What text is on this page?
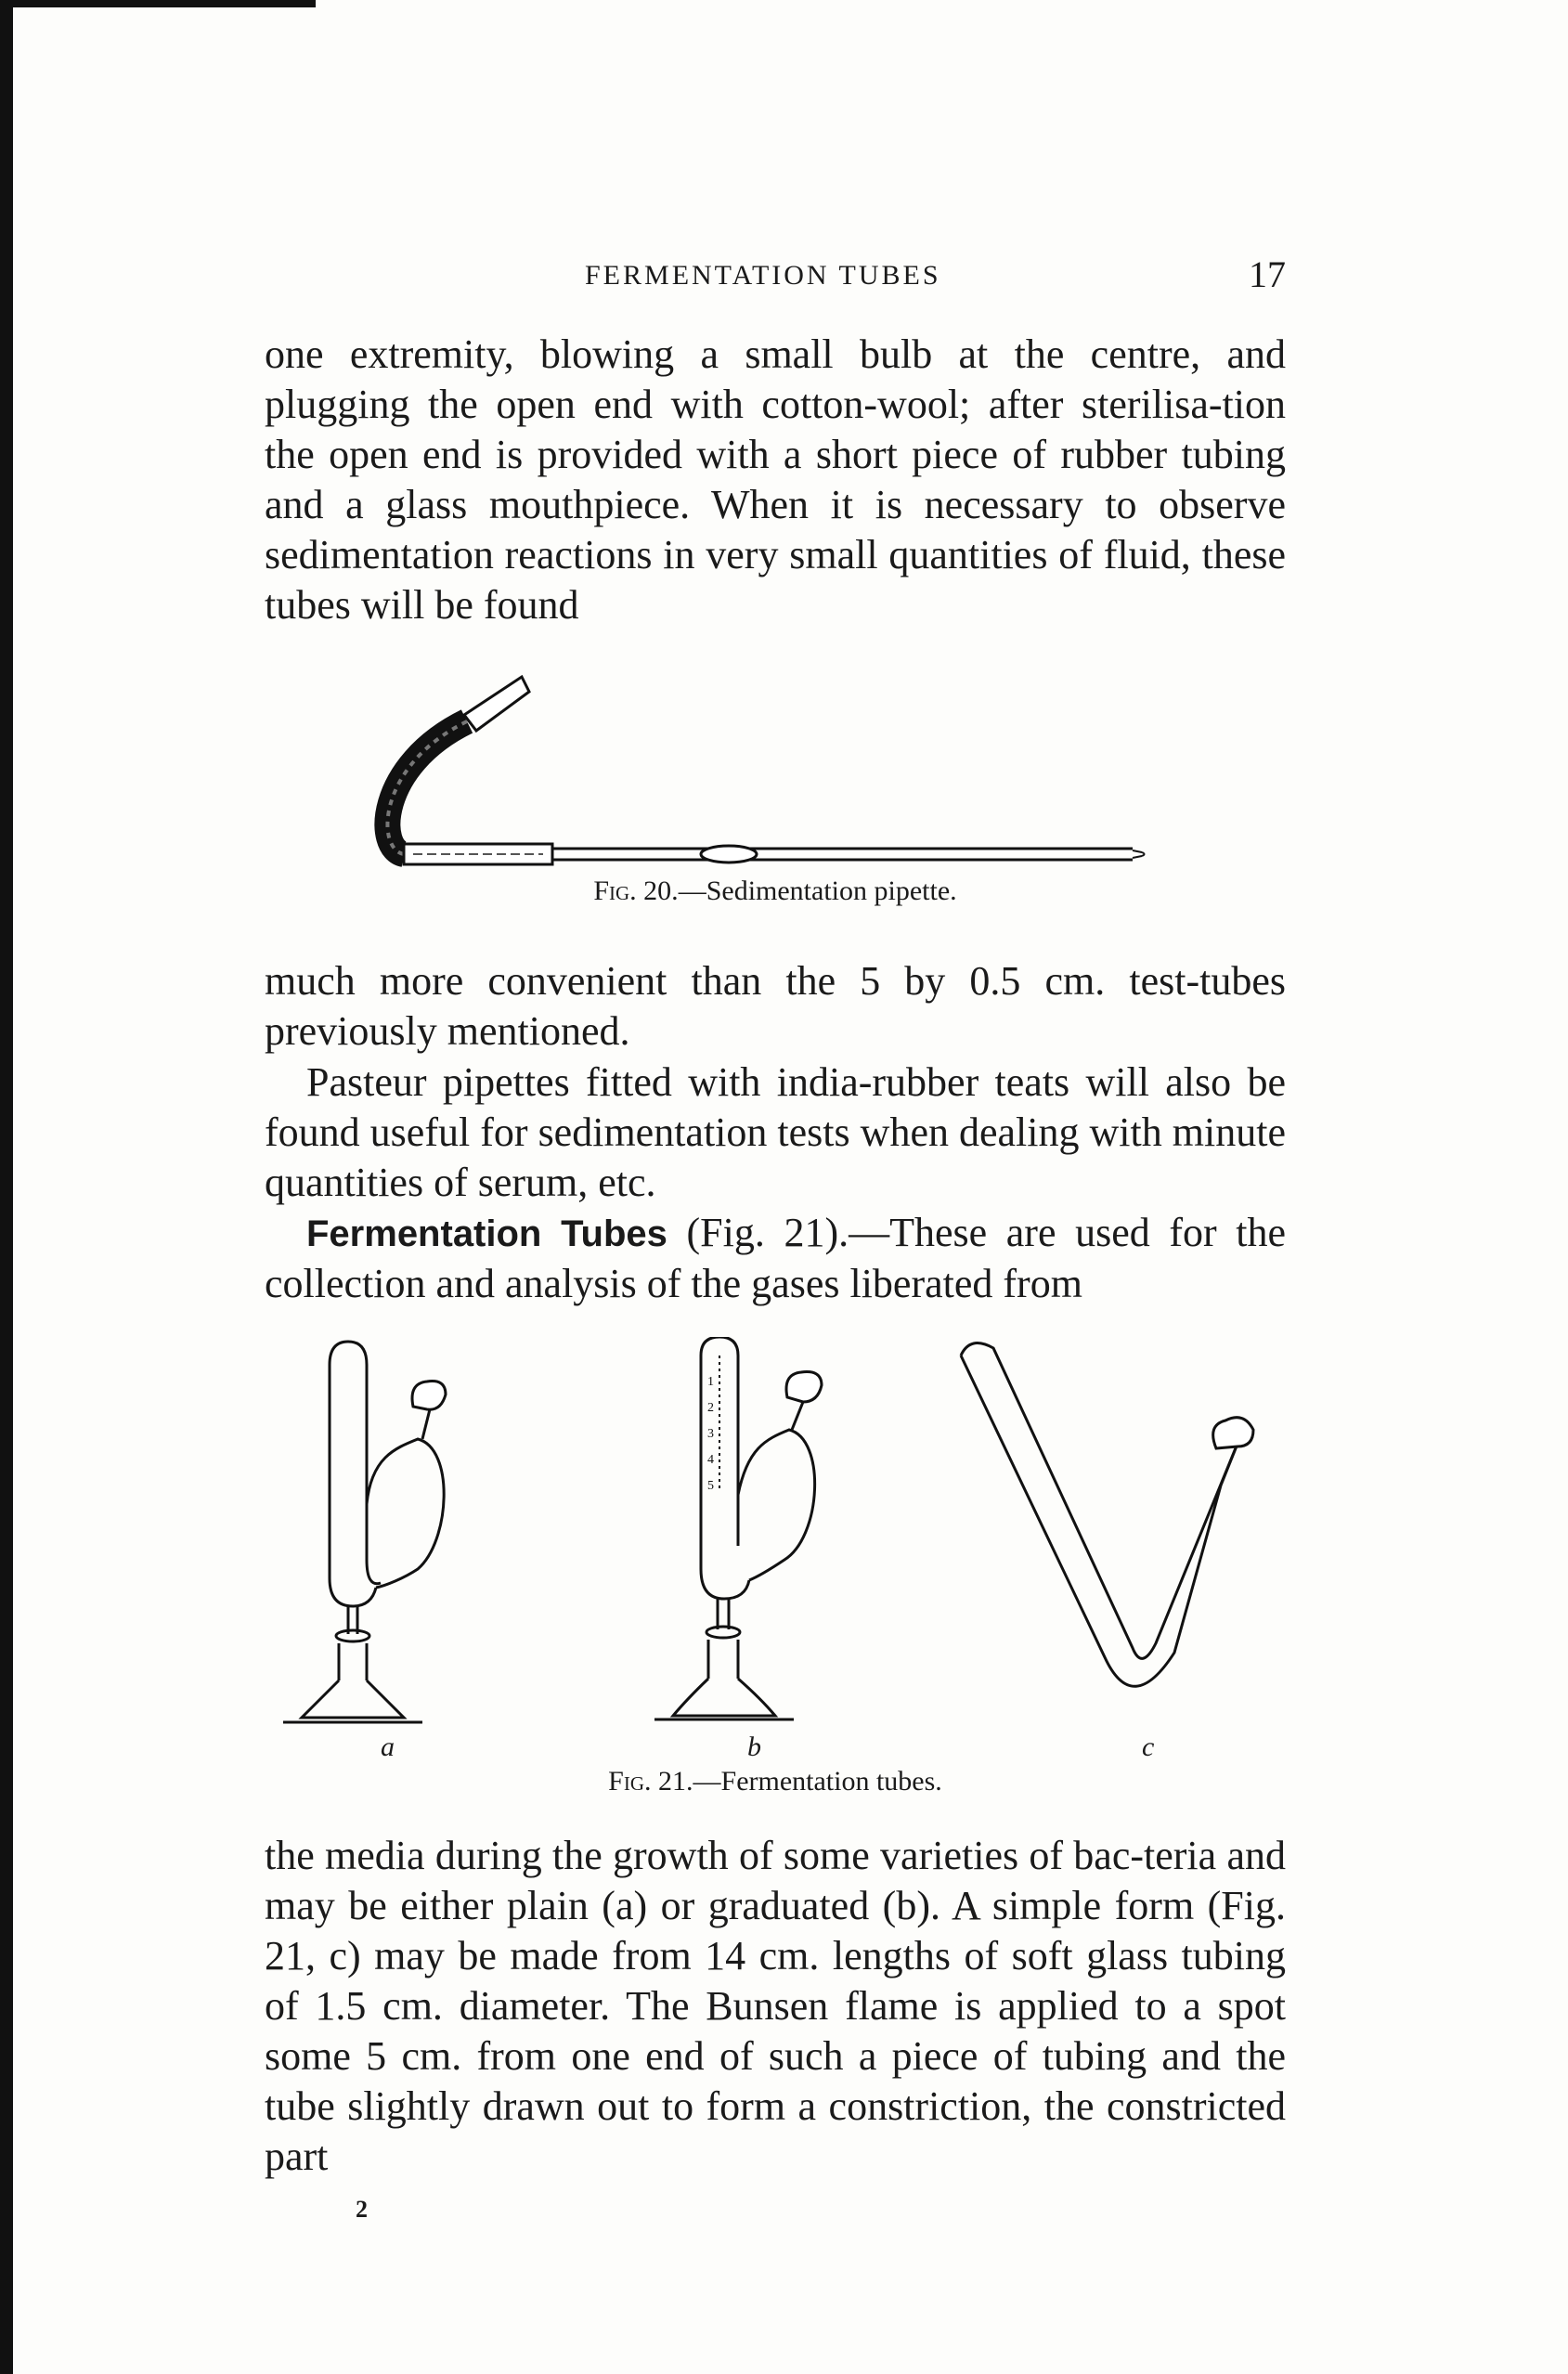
FERMENTATION TUBES	17

one extremity, blowing a small bulb at the centre, and plugging the open end with cotton-wool; after sterilisa-tion the open end is provided with a short piece of rubber tubing and a glass mouthpiece. When it is necessary to observe sedimentation reactions in very small quantities of fluid, these tubes will be found

Fig. 20.—Sedimentation pipette.

much more convenient than the 5 by 0.5 cm. test-tubes previously mentioned.

Pasteur pipettes fitted with india-rubber teats will also be found useful for sedimentation tests when dealing with minute quantities of serum, etc.

Fermentation Tubes (Fig. 21).—These are used for the collection and analysis of the gases liberated from

1
2
3
4
5
a	b	c
Fig. 21.—Fermentation tubes.

the media during the growth of some varieties of bac-teria and may be either plain (a) or graduated (b). A simple form (Fig. 21, c) may be made from 14 cm. lengths of soft glass tubing of 1.5 cm. diameter. The Bunsen flame is applied to a spot some 5 cm. from one end of such a piece of tubing and the tube slightly drawn out to form a constriction, the constricted part

2
